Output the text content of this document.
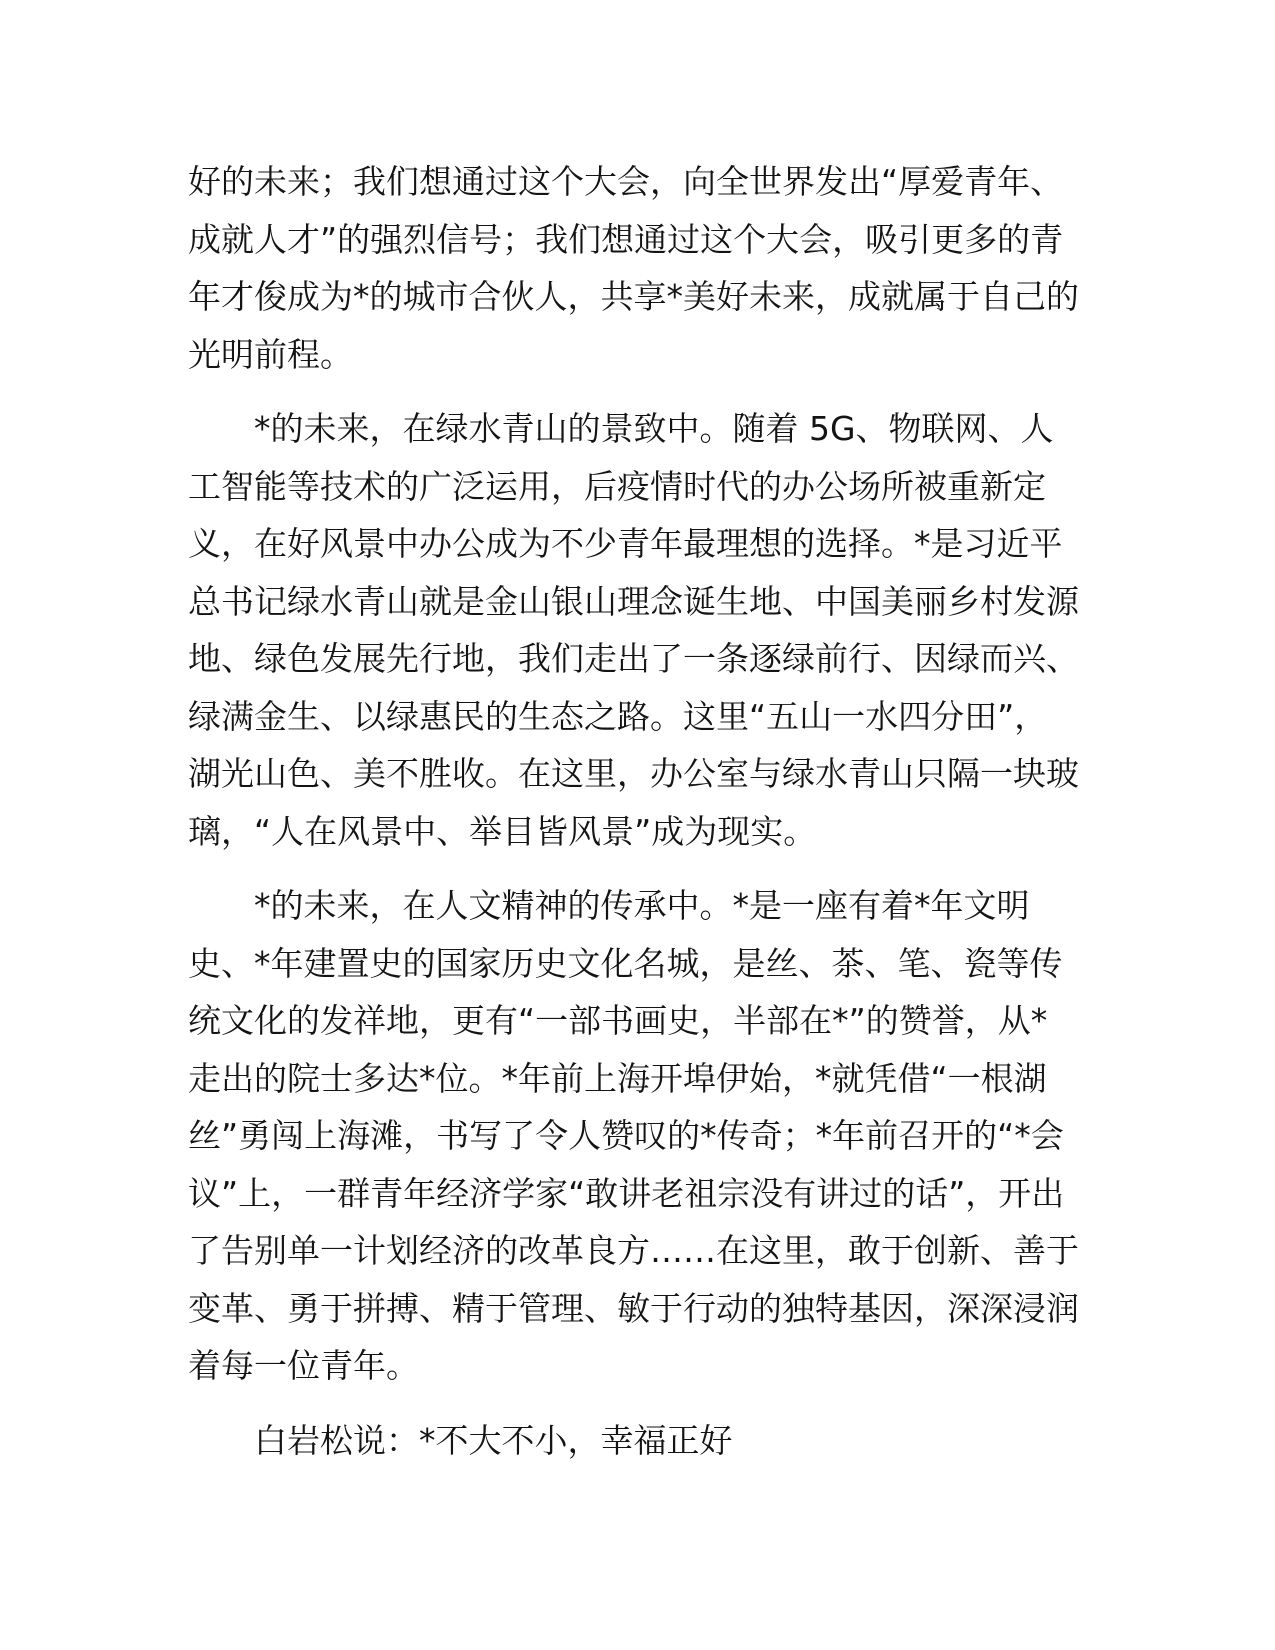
好的未来；我们想通过这个大会，向全世界发出“厚爱青年、
成就人才”的强烈信号；我们想通过这个大会，吸引更多的青
年才俊成为*的城市合伙人，共享*美好未来，成就属于自己的
光明前程。
*的未来，在绿水青山的景致中。随着 5G、物联网、人
工智能等技术的广泛运用，后疫情时代的办公场所被重新定
义，在好风景中办公成为不少青年最理想的选择。*是习近平
总书记绿水青山就是金山银山理念诞生地、中国美丽乡村发源
地、绿色发展先行地，我们走出了一条逐绿前行、因绿而兴、
绿满金生、以绿惠民的生态之路。这里“五山一水四分田”，
湖光山色、美不胜收。在这里，办公室与绿水青山只隔一块玻
璃，“人在风景中、举目皆风景”成为现实。
*的未来，在人文精神的传承中。*是一座有着*年文明
史、*年建置史的国家历史文化名城，是丝、茶、笔、瓷等传
统文化的发祥地，更有“一部书画史，半部在*”的赞誉，从*
走出的院士多达*位。*年前上海开埠伊始，*就凭借“一根湖
丝”勇闯上海滩，书写了令人赞叹的*传奇；*年前召开的“*会
议”上，一群青年经济学家“敢讲老祖宗没有讲过的话”，开出
了告别单一计划经济的改革良方……在这里，敢于创新、善于
变革、勇于拼搏、精于管理、敏于行动的独特基因，深深浸润
着每一位青年。
白岩松说：*不大不小，幸福正好
